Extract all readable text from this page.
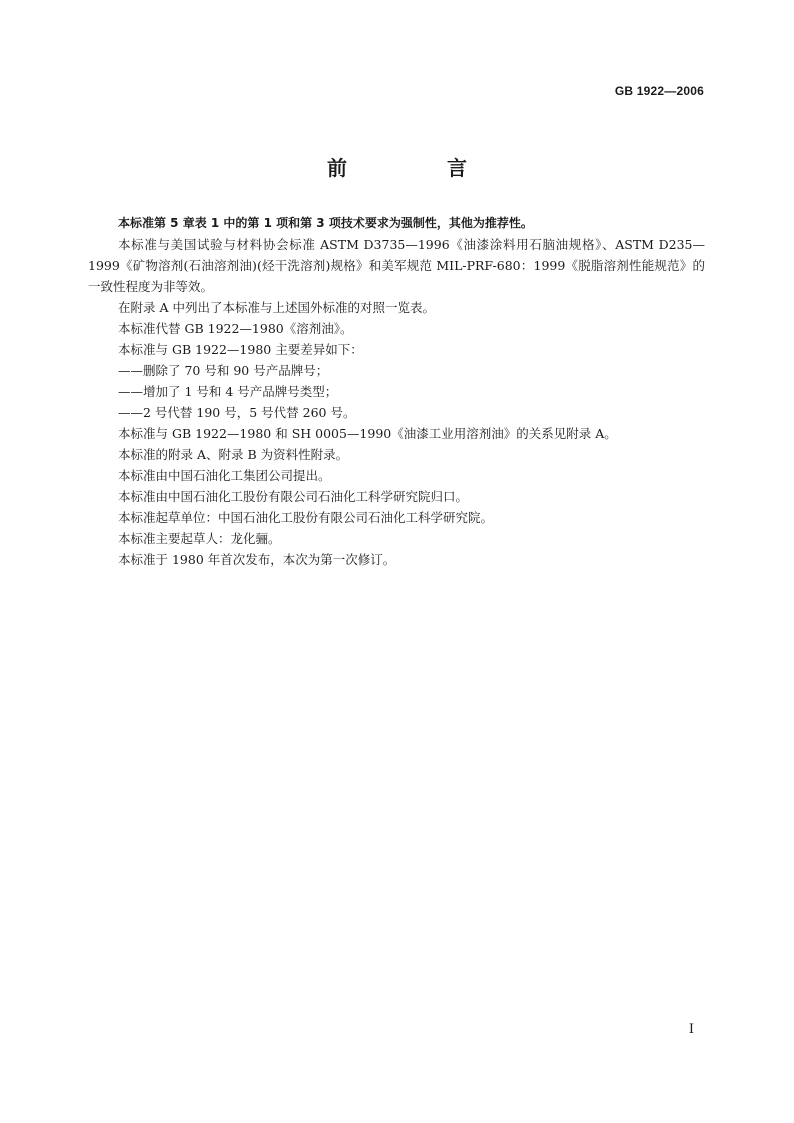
GB 1922—2006
前　言

本标准第 5 章表 1 中的第 1 项和第 3 项技术要求为强制性，其他为推荐性。

本标准与美国试验与材料协会标准 ASTM D3735—1996《油漆涂料用石脑油规格》、ASTM D235—1999《矿物溶剂(石油溶剂油)(烃干洗溶剂)规格》和美军规范 MIL-PRF-680：1999《脱脂溶剂性能规范》的一致性程度为非等效。

在附录 A 中列出了本标准与上述国外标准的对照一览表。

本标准代替 GB 1922—1980《溶剂油》。

本标准与 GB 1922—1980 主要差异如下：

——删除了 70 号和 90 号产品牌号；

——增加了 1 号和 4 号产品牌号类型；

——2 号代替 190 号，5 号代替 260 号。

本标准与 GB 1922—1980 和 SH 0005—1990《油漆工业用溶剂油》的关系见附录 A。

本标准的附录 A、附录 B 为资料性附录。

本标准由中国石油化工集团公司提出。

本标准由中国石油化工股份有限公司石油化工科学研究院归口。

本标准起草单位：中国石油化工股份有限公司石油化工科学研究院。

本标准主要起草人：龙化骊。

本标准于 1980 年首次发布，本次为第一次修订。

I
